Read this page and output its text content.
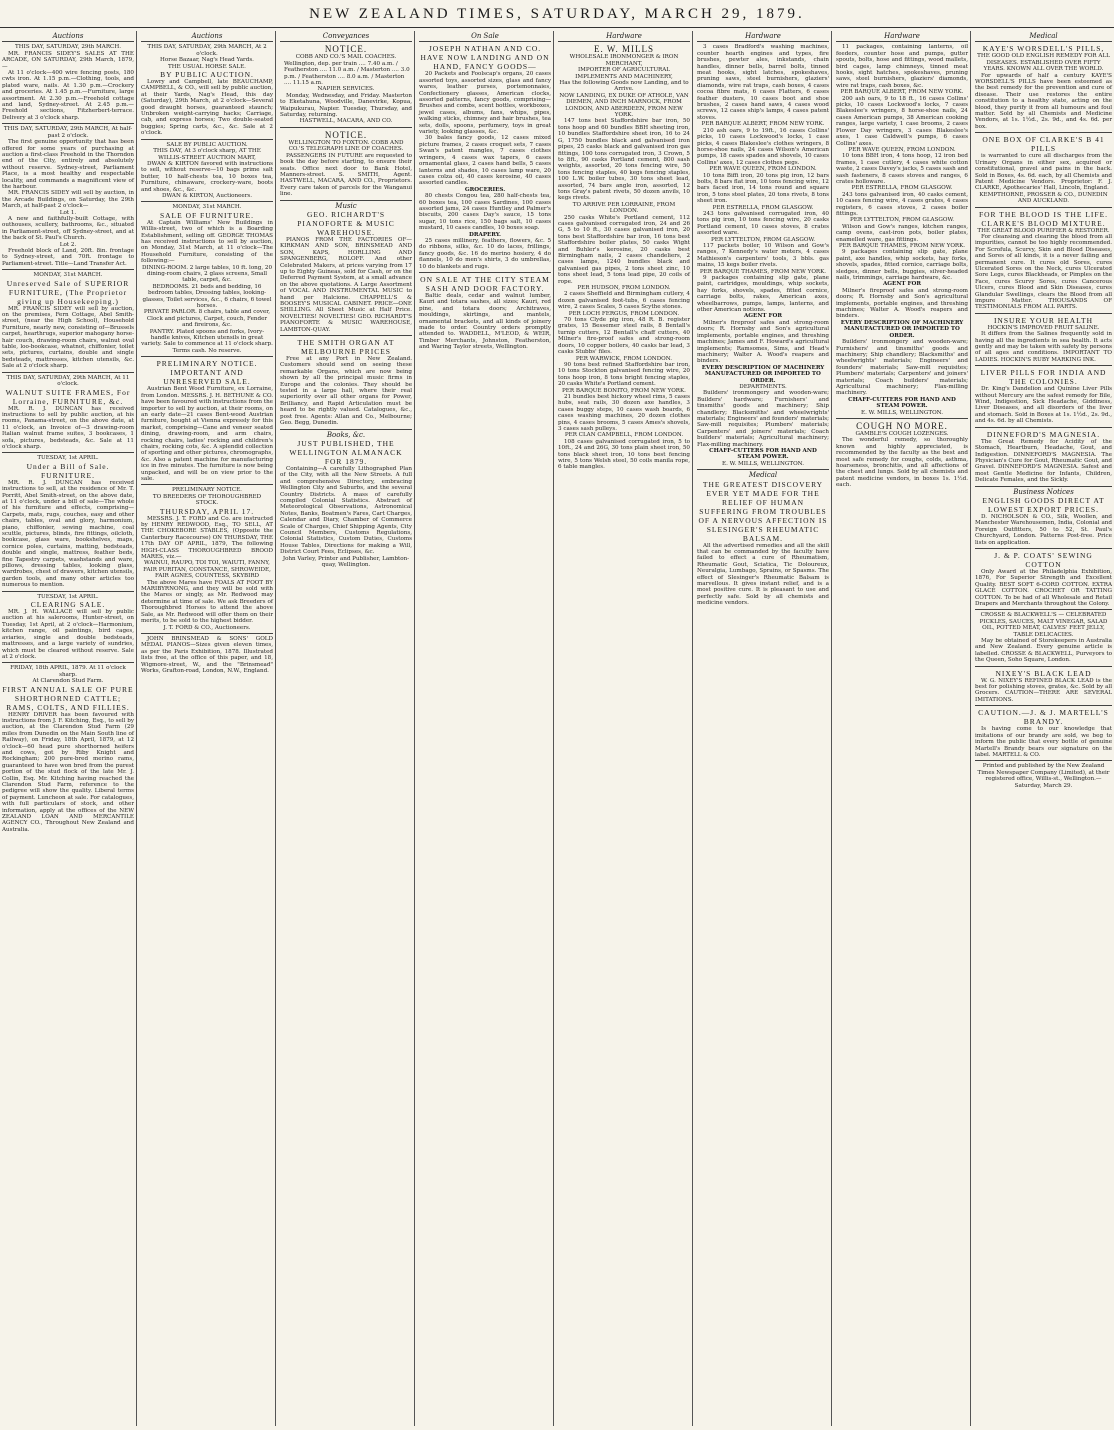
NEW ZEALAND TIMES, SATURDAY, MARCH 29, 1879.
Auctions
THIS DAY, SATURDAY, 29th MARCH.
MR. FRANCIS SIDEY'S SALES AT THE ARCADE, ON SATURDAY, 29th March, 1879,—
At 11 o'clock—400 wire fencing posts, 180 cwts iron. At 1.15 p.m.—Clothing, tools, and plated ware, nails. At 1.30 p.m.—Crockery and groceries. At 1.45 p.m.—Furniture, large assortment. At 2.30 p.m.—Freehold cottage and land, Sydney-street. At 2.45 p.m.—Freehold sections, Fitzherbert-terrace. Delivery at 3 o'clock sharp.
THIS DAY, SATURDAY, 29th MARCH, At half-past 2 o'clock.
The first genuine opportunity that has been offered for some years of purchasing at auction a first-class Freehold in the Thorndon end of the City, entirely and absolutely without reserve. Sydney-street, Parliament Place, is a most healthy and respectable locality, and commands a magnificent view of the harbour.
MR. FRANCIS SIDEY will sell by auction, in the Arcade Buildings, on Saturday, the 29th March, at half-past 2 o'clock—
Lot 1.
A new and faithfully-built Cottage, with outhouses, scullery, bathrooms, &c., situated in Parliament-street, off Sydney-street, and at the back of St. Paul's Church.
Lot 2.
Freehold block of Land, 20ft. 8in. frontage to Sydney-street, and 70ft. frontage to Parliament-street. Title—Land Transfer Act.
MONDAY, 31st MARCH.
Unreserved Sale of SUPERIOR FURNITURE, (The Proprietor giving up Housekeeping.)
MR. FRANCIS SIDEY will sell by auction, on the premises, Fern Cottage, Abel Smith-street, (near the High School), Household Furniture, nearly new, consisting of—Brussels carpet, hearthrugs, superior mahogany horse-hair couch, drawing-room chairs, walnut oval table, loo-bookcase, whatnot, chiffonier, toilet sets, pictures, curtains, double and single bedsteads, mattresses, kitchen utensils, &c. Sale at 2 o'clock sharp.
THIS DAY, SATURDAY, 29th MARCH, At 11 o'clock.
WALNUT SUITE FRAMES, For Lorraine, FURNITURE, &c.
MR. R. J. DUNCAN has received instructions to sell by public auction, at his rooms, Panama-street, on the above date, at 11 o'clock, an Invoice of—3 drawing-room Italian walnut frame suites, 3 bookcases, 1 sofa, pictures, bedsteads, &c. Sale at 11 o'clock sharp.
TUESDAY, 1st APRIL.
Under a Bill of Sale. FURNITURE.
MR. R. J. DUNCAN has received instructions to sell, at the residence of Mr. T. Porritt, Abel Smith-street, on the above date, at 11 o'clock, under a bill of sale—The whole of his furniture and effects, comprising—Carpets, mats, rugs, couches, easy and other chairs, tables, oval and glory, harmonium, piano, chiffonier, sewing machine, coal scuttle, pictures, blinds, fire fittings, oilcloth, bookcase, glass ware, bookshelves, maps, cornice poles, curtains, matting, bedsteads, double and single, mattress, feather beds, fine Tapestry carpets, washstands and ware, pillows, dressing tables, looking glass, wardrobes, chest of drawers, kitchen utensils, garden tools, and many other articles too numerous to mention.
TUESDAY, 1st APRIL.
CLEARING SALE.
MR. J. H. WALLACE will sell by public auction at his salerooms, Hunter-street, on Tuesday, 1st April, at 2 o'clock—Harmonium, kitchen range, oil paintings, bird cages, aviaries, single and double bedsteads, mattresses, and a large variety of sundries, which must be cleared without reserve. Sale at 2 o'clock.
FRIDAY, 18th APRIL, 1879. At 11 o'clock sharp.
At Clarendon Stud Farm.
FIRST ANNUAL SALE OF PURE SHORTHORNED CATTLE; RAMS, COLTS, AND FILLIES.
HENRY DRIVER has been favoured with instructions from J. F. Kitching, Esq., to sell by auction, at the Clarendon Stud Farm (29 miles from Dunedin on the Main South line of Railway), on Friday, 18th April, 1879, at 12 o'clock—60 head pure shorthorned heifers and cows, got by Riby Knight and Rockingham; 200 pure-bred merino rams, guaranteed to have won bred from the purest portion of the stud flock of the late Mr. J. Collin, Esq. Mr. Kitching having reached the Clarendon Stud Farm, reference to the pedigree will show the quality. Liberal terms of payment. Luncheon at sale. For catalogues, with full particulars of stock, and other information, apply at the offices of the NEW ZEALAND LOAN AND MERCANTILE AGENCY CO., Throughout New Zealand and Australia.
Auctions
THIS DAY, SATURDAY, 29th MARCH, At 2 o'clock.
Horse Bazaar, Nag's Head Yards.
THE USUAL HORSE SALE.
BY PUBLIC AUCTION.
Lowry and Campbell, late BEAUCHAMP, CAMPBELL, & CO., will sell by public auction, at their Yards, Nag's Head, this day (Saturday), 29th March, at 2 o'clock—Several good draught horses, guaranteed staunch; Unbroken weight-carrying hacks; Carriage, cab, and express horses; Two double-seated buggies; Spring carts, &c., &c. Sale at 2 o'clock.
SALE BY PUBLIC AUCTION.
THIS DAY, At 3 o'clock sharp, AT THE WILLIS-STREET AUCTION MART,
DWAN & KIRTON favored with instructions to sell, without reserve—10 bags prime salt butter, 10 half-chests tea, 10 boxes tea, Furniture, chinaware, crockery-ware, boots and shoes, &c., &c.
DWAN & KIRTON, Auctioneers.
MONDAY, 31st MARCH.
SALE OF FURNITURE.
At Captain Williams' New Buildings in Willis-street, two of which is a Boarding Establishment, selling off. GEORGE THOMAS has received instructions to sell by auction, on Monday, 31st March, at 11 o'clock—The Household Furniture, consisting of the following:—
DINING-ROOM. 2 large tables, 10 ft. long, 20 dining-room chairs, 2 glass screens, Small table, carpet, &c.
BEDROOMS. 21 beds and bedding, 16 bedroom tables, Dressing tables, looking-glasses, Toilet services, &c., 6 chairs, 6 towel horses.
PRIVATE PARLOR. 8 chairs, table and cover, Clock and pictures, Carpet, couch, Fender and fireirons, &c.
PANTRY. Plated spoons and forks, Ivory-handle knives, Kitchen utensils in great variety. Sale to commence at 11 o'clock sharp.
Terms cash. No reserve.
PRELIMINARY NOTICE. IMPORTANT AND UNRESERVED SALE.
Austrian Bent Wood Furniture, ex Lorraine, from London. MESSRS. J. H. BETHUNE & CO. have been favoured with instructions from the importer to sell by auction, at their rooms, on an early date—21 cases Bent-wood Austrian furniture, bought at Vienna expressly for this market, comprising—Cane and veneer seated dining, drawing-room, and arm chairs, rocking chairs, ladies' rocking and children's chairs, rocking cots, &c. A splendid collection of sporting and other pictures, chromographs, &c. Also a patent machine for manufacturing ice in five minutes. The furniture is now being unpacked, and will be on view prior to the sale.
PRELIMINARY NOTICE.
TO BREEDERS OF THOROUGHBRED STOCK.
THURSDAY, APRIL 17.
MESSRS. J. T. FORD and Co. are instructed by HENRY REDWOOD, Esq., TO SELL, AT THE CHOKEBORE STABLES, (Opposite the Canterbury Racecourse) ON THURSDAY, THE 17th DAY OF APRIL, 1879, The following HIGH-CLASS THOROUGHBRED BROOD MARES, viz.—
WAINUI, RAUPO, TOI TOI, WAIUTI, FANNY, FAIR PURITAN, CONSTANCE, SHROWEIDE, FAIR AGNES, COUNTESS, SKYBIRD
The above Mares have FOALS AT FOOT BY MARIBYRNONG, and they will be sold with the Mares or singly, as Mr. Redwood may determine at time of sale. We ask Breeders of Thoroughbred Horses to attend the above Sale, as Mr. Redwood will offer them on their merits, to be sold to the highest bidder.
J. T. FORD & CO., Auctioneers.
JOHN BRINSMEAD & SONS' GOLD MEDAL PIANOS—Sizes given eleven times, as per the Paris Exhibition, 1878. Illustrated lists free, at the office of this paper, and 18, Wigmore-street, W., and the "Brinsmead" Works, Grafton-road, London, N.W., England.
Conveyances
NOTICE.
COBB AND CO.'S MAIL COACHES.
Wellington, dep. per train .... 7.40 a.m. / Featherston .... 11.0 a.m. / Masterton .... 3.0 p.m. / Featherston .... 8.0 a.m. / Masterton .... 11.15 a.m.
NAPIER SERVICES.
Monday, Wednesday, and Friday. Masterton to Eketahuna, Woodville, Danevirke, Kopua, Waipukurau, Napier. Tuesday, Thursday, and Saturday, returning.
HASTWELL, MACARA, AND CO.
NOTICE.
WELLINGTON TO FOXTON. COBB AND CO.'S TELEGRAPH LINE OF COACHES.
PASSENGERS IN FUTURE are requested to book the day before starting, to ensure their seats. Office next door to Bank Hotel, Manners-street. S. SMITH, Agent. HASTWELL, MACARA, AND CO., Proprietors. Every care taken of parcels for the Wanganui line.
Music
GEO. RICHARDT'S PIANOFORTE & MUSIC WAREHOUSE.
PIANOS FROM THE FACTORIES OF—KIRKMAN AND SON, BRINSMEAD AND SON, KAPS, HORLLING AND SPANGENBERG, ROLOFF. And other Celebrated Makers, at prices varying from 17 up to Eighty Guineas, sold for Cash, or on the Deferred Payment System, at a small advance on the above quotations. A Large Assortment of VOCAL AND INSTRUMENTAL MUSIC to hand per Halcione. CHAPPELL'S & BOOSEY'S MUSICAL CABINET. PRICE—ONE SHILLING. All Sheet Music at Half Price. NOVELTIES! NOVELTIES! GEO. RICHARDT'S PIANOFORTE & MUSIC WAREHOUSE, LAMBTON-QUAY.
THE SMITH ORGAN AT MELBOURNE PRICES
Free at any Port in New Zealand. Customers should send on seeing these remarkable Organs, which are now being shown by all the principal music firms in Europe and the colonies. They should be tested in a large hall, where their real superiority over all other organs for Power, Brilliancy, and Rapid Articulation must be heard to be rightly valued. Catalogues, &c., post free. Agents: Allan and Co., Melbourne; Geo. Begg, Dunedin.
Books, &c.
JUST PUBLISHED, THE WELLINGTON ALMANACK FOR 1879.
Containing—A carefully Lithographed Plan of the City, with all the New Streets. A full and comprehensive Directory, embracing Wellington City and Suburbs, and the several Country Districts. A mass of carefully compiled Colonial Statistics. Abstract of Meteorological Observations, Astronomical Notes, Banks, Boatmen's Fares, Cart Charges, Calendar and Diary, Chamber of Commerce Scale of Charges, Chief Shipping Agents, City Council Members, Customs Regulations, Colonial Statistics, Custom Duties, Customs House Tables, Directions for making a Will, District Court Fees, Eclipses, &c.
John Varley, Printer and Publisher, Lambton-quay, Wellington.
On Sale
JOSEPH NATHAN AND CO. HAVE NOW LANDING AND ON HAND, FANCY GOODS—
20 Packets and Foolscap's organs, 20 cases assorted toys, assorted sizes, glass and fancy wares, leather purses, portemonnaies, Confectionery glasses, American clocks, assorted patterns, fancy goods, comprising—Brushes and combs, scent bottles, workboxes, jewel cases, albums, fans, whips, pipes, walking sticks, chimney and hair brushes, tea sets, dolls, spoons, perfumery, toys in great variety, looking glasses, &c.
30 bales fancy goods, 12 cases mixed picture frames, 2 cases croquet sets, 7 cases Swan's patent mangles, 7 cases clothes wringers, 4 cases wax tapers, 6 cases ornamental glass, 2 cases hand bells, 5 cases lanterns and shades, 10 cases lamp ware, 20 cases colza oil, 40 cases kerosine, 40 cases assorted candles.
GROCERIES.
80 chests Congou tea, 280 half-chests tea, 60 boxes tea, 100 cases Sardines, 100 cases assorted jams, 24 cases Huntley and Palmer's biscuits, 200 cases Day's sauce, 15 tons sugar, 10 tons rice, 150 bags salt, 10 cases mustard, 10 cases candles, 10 boxes soap.
DRAPERY.
25 cases millinery, feathers, flowers, &c. 5 do ribbons, silks, &c. 10 do laces, frillings, fancy goods, &c. 16 do merino hosiery, 4 do flannels, 10 do men's shirts, 3 do umbrellas, 10 do blankets and rugs.
ON SALE AT THE CITY STEAM SASH AND DOOR FACTORY.
Baltic deals, cedar and walnut lumber, Kauri and totara sashes, all sizes; Kauri, red pine, and totara doors; Architraves, mouldings, skirtings, and mantels, ornamental brackets, and all kinds of joinery made to order. Country orders promptly attended to. WADDELL, M'LEOD, & WEIR, Timber Merchants, Johnston, Featherston, and Waring Taylor streets, Wellington.
Hardware
E. W. MILLS
WHOLESALE IRONMONGER & IRON MERCHANT,
IMPORTER OF AGRICULTURAL IMPLEMENTS AND MACHINERY,
Has the following Goods now Landing, and to Arrive.
NOW LANDING, EX DUKE OF ATHOLE, VAN DIEMEN, AND INCH MARNOCK, FROM LONDON, AND ABERDEEN, FROM NEW YORK.
147 tons best Staffordshire bar iron, 50 tons hoop and 60 bundles BBH sheeting iron, 10 bundles Staffordshire sheet iron, 16 to 24 G, 1750 bundles black and galvanised iron pipes, 25 casks black and galvanised iron gas fittings, 100 tons corrugated iron, 3 Crown, 5 to 8ft., 90 casks Portland cement, 800 sash weights, assorted, 20 tons fencing wire, 50 tons fencing staples, 40 kegs fencing staples, 100 L.W. boiler tubes, 30 tons sheet lead, assorted, 74 bars angle iron, assorted, 12 tons Gray's patent rivets, 50 dozen anvils, 10 kegs rivets.
TO ARRIVE PER LORRAINE, FROM LONDON.
250 casks White's Portland cement, 112 cases galvanised corrugated iron, 24 and 26 G, 5 to 10 ft., 30 cases galvanised iron, 20 tons best Staffordshire bar iron, 16 tons best Staffordshire boiler plates, 50 casks Wight and Buhler's kerosine, 20 casks best Birmingham nails, 2 cases chandeliers, 2 cases lamps, 1240 bundles black and galvanised gas pipes, 2 tons sheet zinc, 10 tons sheet lead, 5 tons lead pipe, 20 coils of rope.
PER HUDSON, FROM LONDON.
2 cases Sheffield and Birmingham cutlery, 4 dozen galvanised foot-tubs, 6 cases fencing wire, 2 cases Scales, 5 cases Scythe stones.
PER LOCH FERGUS, FROM LONDON.
70 tons Clyde pig iron, 48 R. B. register grates, 15 Bessemer steel rails, 8 Bentall's turnip cutters, 12 Bentall's chaff cutters, 40 Milner's fire-proof safes and strong-room doors, 10 copper boilers, 40 casks bar lead, 3 casks Stubbs' files.
PER WARWICK, FROM LONDON.
90 tons best refined Staffordshire bar iron, 10 tons Stockton galvanised fencing wire, 20 tons hoop iron, 8 tons bright fencing staples, 20 casks White's Portland cement.
PER BARQUE BONITO, FROM NEW YORK.
21 bundles best hickory wheel rims, 5 cases hubs, seat rails, 30 dozen axe handles, 3 cases buggy steps, 10 cases wash boards, 6 cases washing machines, 20 dozen clothes pins, 4 cases brooms, 5 cases Ames's shovels, 3 cases sash pulleys.
PER CLAN CAMPBELL, FROM LONDON.
108 cases galvanised corrugated iron, 5 to 10ft., 24 and 26G, 30 tons plain sheet iron, 50 tons black sheet iron, 10 tons best fencing wire, 5 tons Welsh steel, 50 coils manila rope, 6 table mangles.
Hardware
3 cases Bradford's washing machines, counter hearth engines and types, fire brushes, pewter ales, inkstands, chain handles, dinner bells, barrel bolts, tinned meat hooks, sight latches, spokeshaves, pruning saws, steel burnishers, glaziers' diamonds, wire rat traps, cash boxes, 4 cases cocoa fibre mats, 6 cases Flatters, 6 cases feather dusters, 10 cases boot and shoe brushes, 2 cases hand saws, 4 cases wood screws, 12 cases ship's lamps, 4 cases patent stoves.
PER BARQUE ALBERT, FROM NEW YORK.
210 ash oars, 9 to 19ft., 16 cases Collins' picks, 10 cases Lockwood's locks, 1 case picks, 4 cases Blakeslee's clothes wringers, 8 horse-shoe nails, 24 cases Wilson's American pumps, 18 cases spades and shovels, 10 cases Collins' axes, 12 cases clothes pegs.
PER WAVE QUEEN, FROM LONDON.
10 tons Biffi iron, 20 tons pig iron, 12 bars bolts, 8 bars flat iron, 10 tons fencing wire, 12 bars faced iron, 14 tons round and square iron, 5 tons steel plates, 20 tons rivets, 8 tons sheet iron.
PER ESTRELLA, FROM GLASGOW.
243 tons galvanised corrugated iron, 40 tons pig iron, 10 tons fencing wire, 20 casks Portland cement, 10 cases stoves, 8 crates assorted ware.
PER LYTTELTON, FROM GLASGOW.
117 packets boiler, 10 Wilson and Gow's ranges, 7 Kennedy's water meters, 4 cases Mathieson's carpenters' tools, 3 bbls. gas mains, 15 kegs boiler rivets.
PER BARQUE THAMES, FROM NEW YORK.
9 packages containing slip gate, plane paint, cartridges, mouldings, whip sockets, hay forks, shovels, spades, fitted cornice, carriage bolts, rakes, American axes, wheelbarrows, pumps, lamps, lanterns, and other American notions.
AGENT FOR
Milner's fireproof safes and strong-room doors; R. Hornsby and Son's agricultural implements, portable engines, and threshing machines; James and F. Howard's agricultural implements; Ramsomes, Sims, and Head's machinery; Walter A. Wood's reapers and binders.
EVERY DESCRIPTION OF MACHINERY MANUFACTURED OR IMPORTED TO ORDER.
DEPARTMENTS.
Builders' ironmongery and wooden-ware; Builders' hardware; Furnishers' and tinsmiths' goods and machinery; Ship chandlery; Blacksmiths' and wheelwrights' materials; Engineers' and founders' materials; Saw-mill requisites; Plumbers' materials; Carpenters' and joiners' materials; Coach builders' materials; Agricultural machinery; Flax-milling machinery.
CHAFF-CUTTERS FOR HAND AND STEAM POWER.
E. W. MILLS, WELLINGTON.
Medical
THE GREATEST DISCOVERY EVER YET MADE FOR THE RELIEF OF HUMAN SUFFERING FROM TROUBLES OF A NERVOUS AFFECTION IS SLESINGER'S RHEUMATIC BALSAM.
All the advertised remedies and all the skill that can be commanded by the faculty have failed to effect a cure of Rheumatism, Rheumatic Gout, Sciatica, Tic Doloureux, Neuralgia, Lumbago, Sprains, or Spasms. The effect of Slesinger's Rheumatic Balsam is marvellous. It gives instant relief, and is a most positive cure. It is pleasant to use and perfectly safe. Sold by all chemists and medicine vendors.
Hardware
11 packages, containing lanterns, oil feeders, counter hose and pumps, gutter spouts, bolts, hose and fittings, wood mallets, bird cages, lamp chimneys, tinned meat hooks, sight hatches, spokeshaves, pruning saws, steel burnishers, glaziers' diamonds, wire rat traps, cash boxes, &c.
PER BARQUE ALBERT, FROM NEW YORK.
200 ash oars, 9 to 18 ft., 16 cases Collins' picks, 10 cases Lockwood's locks, 7 cases Blakeslee's wringers, 8 horse-shoe nails, 24 cases American pumps, 38 American cooking ranges, large variety, 1 case brooms, 2 cases Flower Day wringers, 3 cases Blakeslee's axes, 1 case Caldwell's pumps, 6 cases Collins' axes.
PER WAVE QUEEN, FROM LONDON.
10 tons BBH iron, 4 tons hoop, 12 iron bed frames, 1 case cutlery, 4 cases white cotton waste, 2 cases Davey's jacks, 5 cases sash and sash fasteners, 8 cases stoves and ranges, 6 crates holloware.
PER ESTRELLA, FROM GLASGOW.
243 tons galvanised iron, 40 casks cement, 10 cases fencing wire, 4 cases grates, 4 cases registers, 6 cases stoves, 2 cases boiler fittings.
PER LYTTELTON, FROM GLASGOW.
Wilson and Gow's ranges, kitchen ranges, camp ovens, cast-iron pots, boiler plates, enamelled ware, gas fittings.
PER BARQUE THAMES, FROM NEW YORK.
9 packages containing slip gate, plane paint, axe handles, whip sockets, hay forks, shovels, spades, fitted cornice, carriage bolts, sledges, dinner bells, buggies, silver-headed nails, trimmings, carriage hardware, &c.
AGENT FOR
Milner's fireproof safes and strong-room doors; R. Hornsby and Son's agricultural implements, portable engines, and threshing machines; Walter A. Wood's reapers and binders.
EVERY DESCRIPTION OF MACHINERY MANUFACTURED OR IMPORTED TO ORDER.
Builders' ironmongery and wooden-ware; Furnishers' and tinsmiths' goods and machinery; Ship chandlery; Blacksmiths' and wheelwrights' materials; Engineers' and founders' materials; Saw-mill requisites; Plumbers' materials; Carpenters' and joiners' materials; Coach builders' materials; Agricultural machinery; Flax-milling machinery.
CHAFF-CUTTERS FOR HAND AND STEAM POWER.
E. W. MILLS, WELLINGTON.
COUGH NO MORE.
GAMBLE'S COUGH LOZENGES.
The wonderful remedy, so thoroughly known and highly appreciated, is recommended by the faculty as the best and most safe remedy for coughs, colds, asthma, hoarseness, bronchitis, and all affections of the chest and lungs. Sold by all chemists and patent medicine vendors, in boxes 1s. 1½d. each.
Medical
KAYE'S WORSDELL'S PILLS,
THE GOOD OLD ENGLISH REMEDY FOR ALL DISEASES. ESTABLISHED OVER FIFTY YEARS. KNOWN ALL OVER THE WORLD.
For upwards of half a century KAYE'S WORSDELL'S PILLS have been esteemed as the best remedy for the prevention and cure of disease. Their use restores the entire constitution to a healthy state, acting on the blood, they purify it from all humours and foul matter. Sold by all Chemists and Medicine Vendors, at 1s. 1½d., 2s. 9d., and 4s. 6d. per box.
ONE BOX OF CLARKE'S B 41 PILLS
is warranted to cure all discharges from the Urinary Organs in either sex, acquired or constitutional, gravel and pains in the back. Sold in Boxes, 4s. 6d. each, by all Chemists and Patent Medicine Vendors. Proprietor: F. J. CLARKE, Apothecaries' Hall, Lincoln, England.
KEMPTHORNE, PROSSER & CO., DUNEDIN AND AUCKLAND.
FOR THE BLOOD IS THE LIFE. CLARKE'S BLOOD MIXTURE.
THE GREAT BLOOD PURIFIER & RESTORER.
For cleansing and clearing the blood from all impurities, cannot be too highly recommended. For Scrofula, Scurvy, Skin and Blood Diseases, and Sores of all kinds, it is a never failing and permanent cure. It cures old Sores, cures Ulcerated Sores on the Neck, cures Ulcerated Sore Legs, cures Blackheads, or Pimples on the Face, cures Scurvy Sores, cures Cancerous Ulcers, cures Blood and Skin Diseases, cures Glandular Swellings, clears the Blood from all impure Matter. THOUSANDS OF TESTIMONIALS FROM ALL PARTS.
INSURE YOUR HEALTH
HOCKIN'S IMPROVED FRUIT SALINE.
It differs from the Salines frequently sold in having all the ingredients in sea health. It acts gently and may be taken with safety by persons of all ages and conditions. IMPORTANT TO LADIES. HOCKIN'S RUBY MARKING INK.
LIVER PILLS FOR INDIA AND THE COLONIES.
Dr. King's Dandelion and Quinine Liver Pills without Mercury are the safest remedy for Bile, Wind, Indigestion, Sick Headache, Giddiness, Liver Diseases, and all disorders of the liver and stomach. Sold in Boxes at 1s. 1½d., 2s. 9d., and 4s. 6d. by all Chemists.
DINNEFORD'S MAGNESIA.
The Great Remedy for Acidity of the Stomach, Heartburn, Headache, Gout, and Indigestion. DINNEFORD'S MAGNESIA. The Physician's Cure for Gout, Rheumatic Gout, and Gravel. DINNEFORD'S MAGNESIA. Safest and most Gentle Medicine for Infants, Children, Delicate Females, and the Sickly.
Business Notices
ENGLISH GOODS DIRECT AT LOWEST EXPORT PRICES.
D. NICHOLSON & CO., Silk, Woollen, and Manchester Warehousemen, India, Colonial and Foreign Outfitters, 50 to 52, St. Paul's Churchyard, London. Patterns Post-free. Price lists on application.
J. & P. COATS' SEWING COTTON
Only Award at the Philadelphia Exhibition, 1876, For Superior Strength and Excellent Quality. BEST SOFT 6-CORD COTTON. EXTRA GLACÉ COTTON. CROCHET OR TATTING COTTON. To be had of all Wholesale and Retail Drapers and Merchants throughout the Colony.
CROSSE & BLACKWELL'S — CELEBRATED PICKLES, SAUCES, MALT VINEGAR, SALAD OIL, POTTED MEAT, CALVES' FEET JELLY, TABLE DELICACIES.
May be obtained of Storekeepers in Australia and New Zealand. Every genuine article is labelled. CROSSE & BLACKWELL, Purveyors to the Queen, Soho Square, London.
NIXEY'S BLACK LEAD
W. G. NIXEY'S REFINED BLACK LEAD is the best for polishing stoves, grates, &c. Sold by all Grocers. CAUTION—THERE ARE SEVERAL IMITATIONS.
CAUTION.—J. & J. MARTELL'S BRANDY.
Is having come to our knowledge that imitations of our brandy are sold, we beg to inform the public that every bottle of genuine Martell's Brandy bears our signature on the label. MARTELL & CO.
Printed and published by the New Zealand Times Newspaper Company (Limited), at their registered office, Willis-st., Wellington.—Saturday, March 29.
